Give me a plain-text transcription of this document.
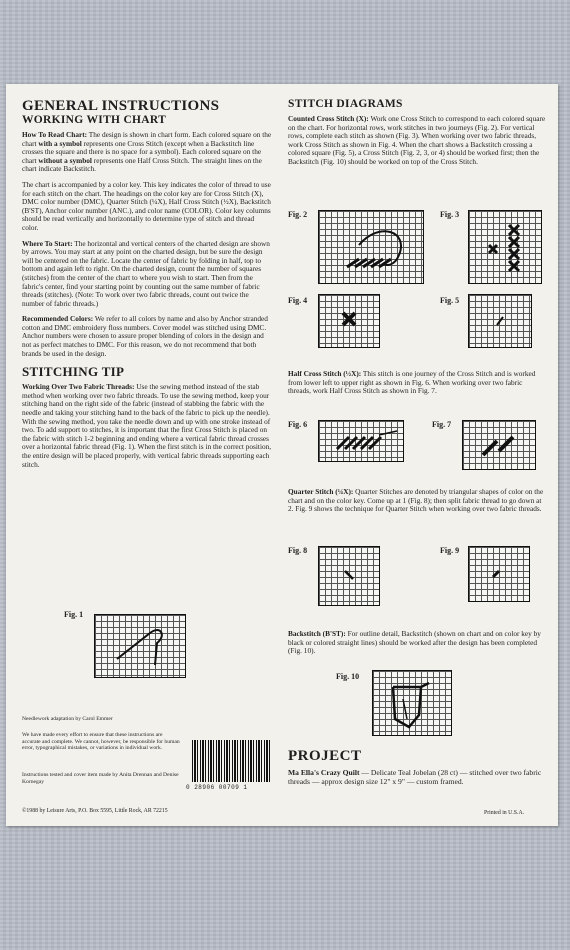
GENERAL INSTRUCTIONS
WORKING WITH CHART

How To Read Chart: The design is shown in chart form. Each colored square on the chart with a symbol represents one Cross Stitch (except when a Backstitch line crosses the square and there is no space for a symbol). Each colored square on the chart without a symbol represents one Half Cross Stitch. The straight lines on the chart indicate Backstitch.

The chart is accompanied by a color key. This key indicates the color of thread to use for each stitch on the chart. The headings on the color key are for Cross Stitch (X), DMC color number (DMC), Quarter Stitch (¼X), Half Cross Stitch (½X), Backstitch (B'ST), Anchor color number (ANC.), and color name (COLOR). Color key columns should be read vertically and horizontally to determine type of stitch and thread color.

Where To Start: The horizontal and vertical centers of the charted design are shown by arrows. You may start at any point on the charted design, but be sure the design will be centered on the fabric. Locate the center of fabric by folding in half, top to bottom and again left to right. On the charted design, count the number of squares (stitches) from the center of the chart to where you wish to start. Then from the fabric's center, find your starting point by counting out the same number of fabric threads (stitches). (Note: To work over two fabric threads, count out twice the number of fabric threads.)

Recommended Colors: We refer to all colors by name and also by Anchor stranded cotton and DMC embroidery floss numbers. Cover model was stitched using DMC. Anchor numbers were chosen to assure proper blending of colors in the design and not as perfect matches to DMC. For this reason, we do not recommend that both brands be used in the design.

STITCHING TIP

Working Over Two Fabric Threads: Use the sewing method instead of the stab method when working over two fabric threads. To use the sewing method, keep your stitching hand on the right side of the fabric (instead of stabbing the fabric with the needle and taking your stitching hand to the back of the fabric to pick up the needle). With the sewing method, you take the needle down and up with one stroke instead of two. To add support to stitches, it is important that the first Cross Stitch is placed on the fabric with stitch 1-2 beginning and ending where a vertical fabric thread crosses over a horizontal fabric thread (Fig. 1). When the first stitch is in the correct position, the entire design will be placed properly, with vertical fabric threads supporting each stitch.

Fig. 1
Needlework adaptation by Carol Emmer
We have made every effort to ensure that these instructions are accurate and complete. We cannot, however, be responsible for human error, typographical mistakes, or variations in individual work.
Instructions tested and cover item made by Anita Drennan and Denise Kornegay
0 28906 00709 1
©1988 by Leisure Arts, P.O. Box 5595, Little Rock, AR 72215
STITCH DIAGRAMS

Counted Cross Stitch (X): Work one Cross Stitch to correspond to each colored square on the chart. For horizontal rows, work stitches in two journeys (Fig. 2). For vertical rows, complete each stitch as shown (Fig. 3). When working over two fabric threads, work Cross Stitch as shown in Fig. 4. When the chart shows a Backstitch crossing a colored square (Fig. 5), a Cross Stitch (Fig. 2, 3, or 4) should be worked first; then the Backstitch (Fig. 10) should be worked on top of the Cross Stitch.

Fig. 2	Fig. 3
Fig. 4	Fig. 5

Half Cross Stitch (½X): This stitch is one journey of the Cross Stitch and is worked from lower left to upper right as shown in Fig. 6. When working over two fabric threads, work Half Cross Stitch as shown in Fig. 7.

Fig. 6	Fig. 7

Quarter Stitch (¼X): Quarter Stitches are denoted by triangular shapes of color on the chart and on the color key. Come up at 1 (Fig. 8); then split fabric thread to go down at 2. Fig. 9 shows the technique for Quarter Stitch when working over two fabric threads.

Fig. 8	Fig. 9

Backstitch (B'ST): For outline detail, Backstitch (shown on chart and on color key by black or colored straight lines) should be worked after the design has been completed (Fig. 10).

Fig. 10
PROJECT

Ma Ella's Crazy Quilt — Delicate Teal Jobelan (28 ct) — stitched over two fabric threads — approx design size 12" x 9" — custom framed.

Printed in U.S.A.
